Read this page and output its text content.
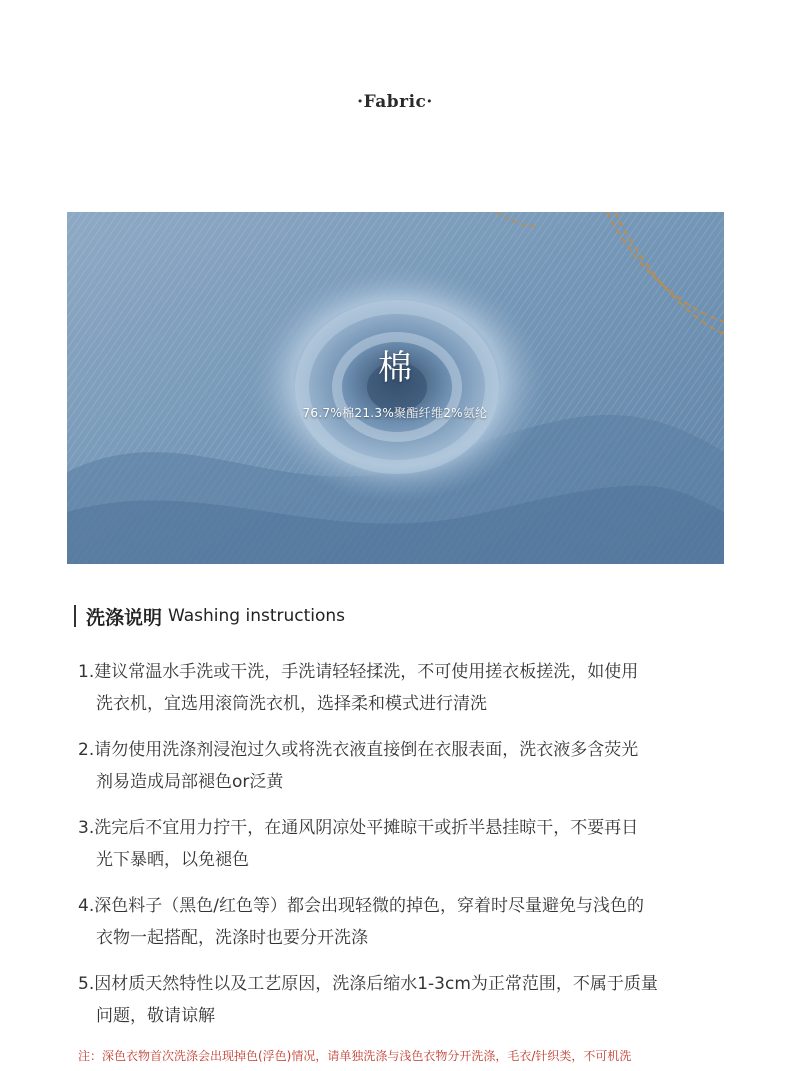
·Fabric·
棉
76.7%棉21.3%聚酯纤维2%氨纶
洗涤说明 Washing instructions
1.建议常温水手洗或干洗，手洗请轻轻揉洗，不可使用搓衣板搓洗，如使用
洗衣机，宜选用滚筒洗衣机，选择柔和模式进行清洗
2.请勿使用洗涤剂浸泡过久或将洗衣液直接倒在衣服表面，洗衣液多含荧光
剂易造成局部褪色or泛黄
3.洗完后不宜用力拧干，在通风阴凉处平摊晾干或折半悬挂晾干，不要再日
光下暴晒，以免褪色
4.深色料子（黑色/红色等）都会出现轻微的掉色，穿着时尽量避免与浅色的
衣物一起搭配，洗涤时也要分开洗涤
5.因材质天然特性以及工艺原因，洗涤后缩水1-3cm为正常范围，不属于质量
问题，敬请谅解
注：深色衣物首次洗涤会出现掉色(浮色)情况，请单独洗涤与浅色衣物分开洗涤，毛衣/针织类，不可机洗
